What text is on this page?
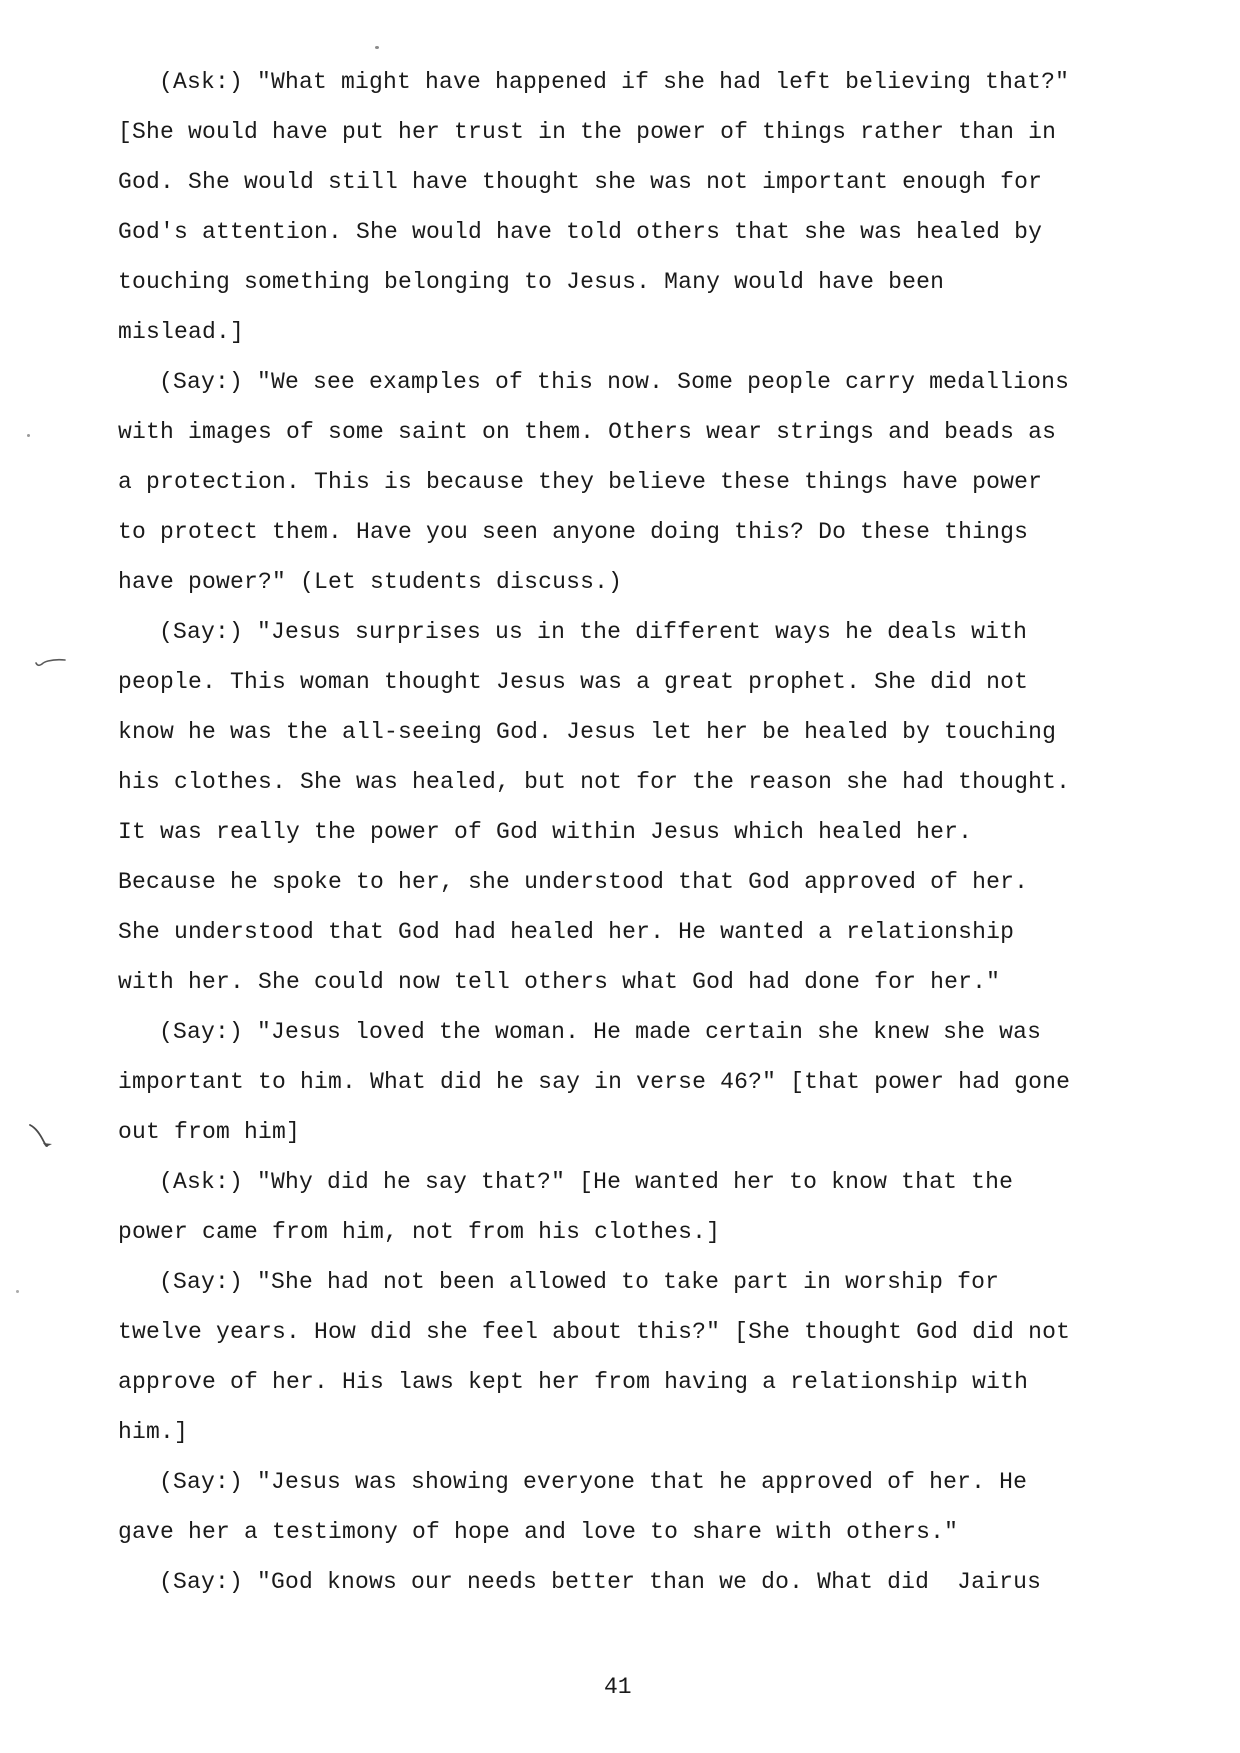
(Ask:) "What might have happened if she had left believing that?"
[She would have put her trust in the power of things rather than in
God. She would still have thought she was not important enough for
God's attention. She would have told others that she was healed by
touching something belonging to Jesus. Many would have been
mislead.]
(Say:) "We see examples of this now. Some people carry medallions
with images of some saint on them. Others wear strings and beads as
a protection. This is because they believe these things have power
to protect them. Have you seen anyone doing this? Do these things
have power?" (Let students discuss.)
(Say:) "Jesus surprises us in the different ways he deals with
people. This woman thought Jesus was a great prophet. She did not
know he was the all-seeing God. Jesus let her be healed by touching
his clothes. She was healed, but not for the reason she had thought.
It was really the power of God within Jesus which healed her.
Because he spoke to her, she understood that God approved of her.
She understood that God had healed her. He wanted a relationship
with her. She could now tell others what God had done for her."
(Say:) "Jesus loved the woman. He made certain she knew she was
important to him. What did he say in verse 46?" [that power had gone
out from him]
(Ask:) "Why did he say that?" [He wanted her to know that the
power came from him, not from his clothes.]
(Say:) "She had not been allowed to take part in worship for
twelve years. How did she feel about this?" [She thought God did not
approve of her. His laws kept her from having a relationship with
him.]
(Say:) "Jesus was showing everyone that he approved of her. He
gave her a testimony of hope and love to share with others."
(Say:) "God knows our needs better than we do. What did  Jairus
41
